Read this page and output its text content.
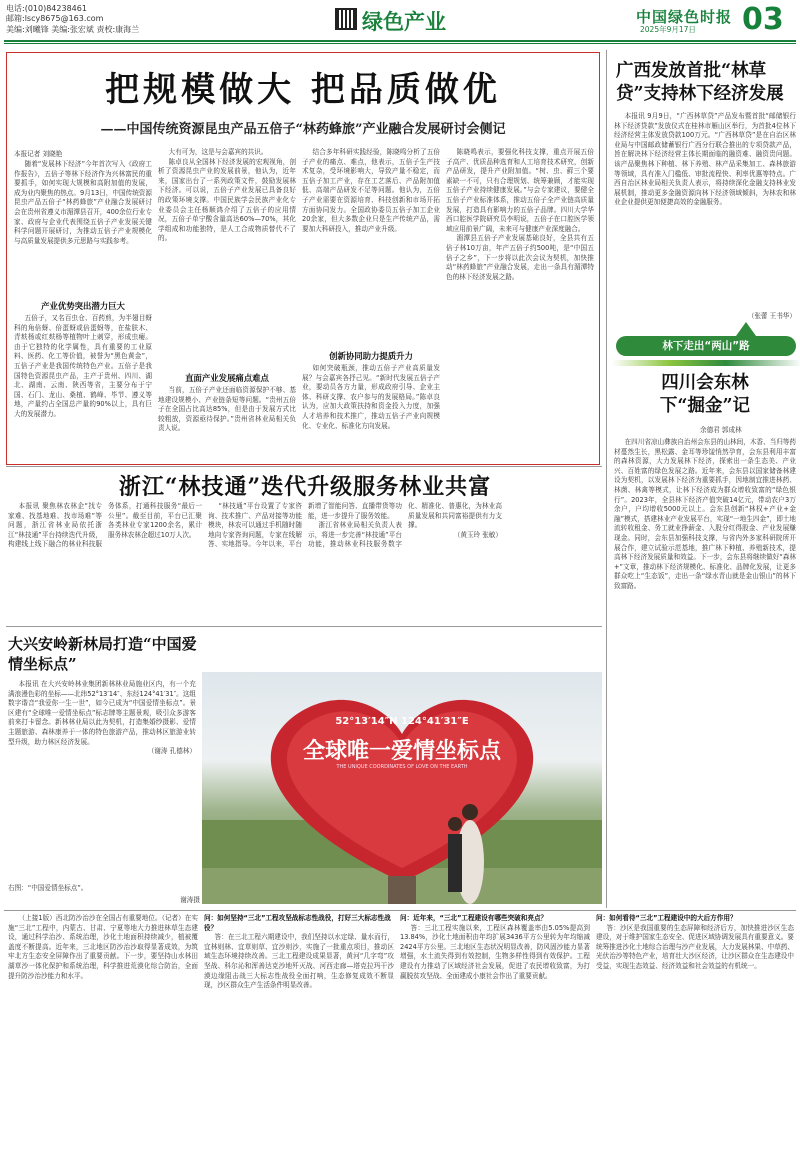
电话:(010)84238461
邮箱:lscy8675@163.com
美编:刘曦锋 美编:张宏斌 责校:康海兰	绿色产业	中国绿色时报
2025年9月17日 03
把规模做大 把品质做优
——中国传统资源昆虫产品五倍子“林药蜂旅”产业融合发展研讨会侧记
本报记者 刘晓艳

随着“发展林下经济”今年首次写入《政府工作报告》，五倍子等林下经济作为兴林富民的重要抓手，如何实现大规模和高附加值的发展，成为业内聚焦的热点。9月13日，中国传统资源昆虫产品五倍子“林药蜂旅”产业融合发展研讨会在贵州省遵义市湄潭县召开，400余位行业专家、政府与企业代表围绕五倍子产业发展关键科学问题开展研讨，为推动五倍子产业规模化与高质量发展提供多元思路与实践参考。

产业优势突出潜力巨大

五倍子，又名百虫仓、百药煎，为半翅目蚜科的角倍蚜、倍蛋蚜或倍蛋蚜等，在盐肤木、青麸杨或红麸杨等植物叶上刺穿，形成虫瘿。由于它独特的化学属性，具有重要的工业原料、医药、化工等价值，被誉为“黑色黄金”，五倍子产业是我国传统特色产业。五倍子是我国特色资源昆虫产品，主产于贵州、四川、湖北、湖南、云南、陕西等省，主要分布于宁国、石门、龙山、桑植、鹤峰、毕节、遵义等地，产量约占全国总产量的90%以上，具有巨大的发展潜力。

大有可为，这是与会嘉宾的共识。

陈卓良从全国林下经济发展的宏观视角，剖析了资源昆虫产业的发展前景，他认为，近年来，国家出台了一系列政策文件，鼓励发展林下经济。可以说，五倍子产业发展已具备良好的政策环境支撑。中国民族学会民族产业化专业委员会主任杨顺鸿介绍了五倍子的应用情况，五倍子单宁酸含量高达60%—70%，其化学组成和功能独特，是人工合成物质替代不了的。

直面产业发展痛点难点

当前，五倍子产业还面临资源保护不够、基地建设规模小、产业链条短等问题。“贵州五倍子在全国占比高达85%，但是由于发展方式比较粗放，资源亟待保护。”贵州省林业局相关负责人说。

结合多年科研实践经验，陈晓鸣分析了五倍子产业的痛点、难点，他表示，五倍子生产技术复杂，受环境影响大，导致产量不稳定，而五倍子加工产业，存在工艺落后、产品附加值低、高端产品研发不足等问题。他认为，五倍子产业需要在资源培育、科技创新和市场开拓方面协同发力。全国政协委员五倍子加工企业20余家，但大多数企业只是生产传统产品，需要加大科研投入，推动产业升级。

创新协同助力提质升力

如何突破瓶颈，推动五倍子产业高质量发展？与会嘉宾各抒己见。“新时代发展五倍子产业，要动员各方力量，形成政府引导、企业主体、科研支撑、农户参与的发展格局。”陈卓良认为，应加大政策扶持和资金投入力度，加强人才培养和技术推广，推动五倍子产业向规模化、专业化、标准化方向发展。

陈晓鸣表示，要强化科技支撑，重点开展五倍子高产、优质品种选育和人工培育技术研究，创新产品研发，提升产业附加值。“树、虫、藓三个要素缺一不可，只有合理规划、统筹兼顾，才能实现五倍子产业持续健康发展。”与会专家建议，要健全五倍子产业标准体系，推动五倍子全产业链高质量发展，打造具有影响力的五倍子品牌。四川大学华西口腔医学院研究员李明说，五倍子在口腔医学领域应用前景广阔，未来可与健康产业深度融合。

湄潭县五倍子产业发展基础良好，全县共有五倍子林10万亩，年产五倍子约500吨，是“中国五倍子之乡”，下一步将以此次会议为契机，加快推动“林药蜂旅”产业融合发展，走出一条具有湄潭特色的林下经济发展之路。

广西发放首批“林草贷”支持林下经济发展

本报讯 9月9日，“广西林草贷”产品发布暨首批“邮储银行林下经济贷款”发放仪式在桂林市雁山区举行，为首批4位林下经济经营主体发放贷款100万元。“广西林草贷”是在自治区林业局与中国邮政储蓄银行广西分行联合推出的专项贷款产品，旨在解决林下经济经营主体长期面临的融资难、融资贵问题。该产品聚焦林下种植、林下养殖、林产品采集加工、森林旅游等领域，具有准入门槛低、审批流程快、利率优惠等特点。广西自治区林业局相关负责人表示，将持续深化金融支持林业发展机制，推动更多金融资源向林下经济领域倾斜，为林农和林业企业提供更加便捷高效的金融服务。

（张蕾 王书华）
林下走出“两山”路
四川会东林下“掘金”记
余德君 郭成林

在四川省凉山彝族自治州会东县的山林间，木香、当归等药材蔓然生长，黑松露、金耳等珍馐悄然孕育，会东县利用丰富的森林资源，大力发展林下经济，探索出一条生态美、产业兴、百姓富的绿色发展之路。近年来，会东县以国家储备林建设为契机，以发展林下经济为重要抓手，因地制宜推进林药、林菌、林禽等模式，让林下经济成为群众增收致富的“绿色银行”。2023年，全县林下经济产值突破14亿元，带动农户3万余户，户均增收5000元以上。会东县创新“林权+产业+金融”模式，搭建林业产业发展平台，实现“一地生四金”，即土地流转收租金、务工就业挣薪金、入股分红得股金、产业发展赚现金。同时，会东县加强科技支撑，与省内外多家科研院所开展合作，建立试验示范基地，推广林下种植、养殖新技术，提高林下经济发展质量和效益。下一步，会东县将继续做好“森林+”文章，推动林下经济规模化、标准化、品牌化发展，让更多群众吃上“生态饭”，走出一条“绿水青山就是金山银山”的林下致富路。

浙江“林技通”迭代升级服务林业共富

本报讯 聚焦林农林企“找专家难、找基地难、找市场难”等问题，浙江省林业局依托浙江“林技通”平台持续迭代升级，构建线上线下融合的林业科技服务体系，打通科技服务“最后一公里”。截至目前，平台已汇聚各类林业专家1200余名，累计服务林农林企超过10万人次。

“林技通”平台设置了专家咨询、技术推广、产品对接等功能模块，林农可以通过手机随时随地向专家咨询问题，专家在线解答、实地指导。今年以来，平台新增了智能问答、直播带货等功能，进一步提升了服务效能。

浙江省林业局相关负责人表示，将进一步完善“林技通”平台功能，推动林业科技服务数字化、精准化、普惠化，为林业高质量发展和共同富裕提供有力支撑。

（黄玉玲 张敏）
大兴安岭新林局打造“中国爱情坐标点”

本报讯 在大兴安岭林业集团新林林业局施业区内，有一个充满浪漫色彩的坐标——北纬52°13′14″、东经124°41′31″。这组数字谐音“我爱你一生一世”，如今已成为“中国爱情坐标点”。景区建有“全球唯一爱情坐标点”标志牌等主题景观，吸引众多游客前来打卡留念。新林林业局以此为契机，打造集婚纱摄影、爱情主题旅游、森林康养于一体的特色旅游产品，推动林区旅游业转型升级，助力林区经济发展。

（谢涛 孔德林）
右图：“中国爱情坐标点”。
谢涛摄
52°13′14″N 124°41′31″E
全球唯一爱情坐标点
THE UNIQUE COORDINATES OF LOVE ON THE EARTH

（上接1版）西北防沙治沙在全国占有重要地位。（记者）在实施“三北”工程中，内蒙古、甘肃、宁夏等地大力推进林草生态建设，通过科学治沙、系统治理，沙化土地面积持续减少，植被覆盖度不断提高。近年来，三北地区防沙治沙取得显著成效，为筑牢北方生态安全屏障作出了重要贡献。下一步，要坚持山水林田湖草沙一体化保护和系统治理，科学推进荒漠化综合防治，全面提升防沙治沙能力和水平。

问：如何坚持“三北”工程攻坚战标志性战役，打好三大标志性战役？

答：在三北工程六期建设中，我们坚持以水定绿、量水而行，宜林则林、宜草则草、宜沙则沙，实施了一批重点项目，推动区域生态环境持续改善。三北工程建设成果显著，黄河“几字弯”攻坚战、科尔沁和浑善达克沙地歼灭战、河西走廊—塔克拉玛干沙漠边缘阻击战三大标志性战役全面打响，生态修复成效不断显现，沙区群众生产生活条件明显改善。

问：近年来，“三北”工程建设有哪些突破和亮点？

答：三北工程实施以来，工程区森林覆盖率由5.05%提高到13.84%，沙化土地面积由年均扩展3436平方公里转为年均缩减2424平方公里。三北地区生态状况明显改善，防风固沙能力显著增强，水土流失得到有效控制，生物多样性得到有效保护。工程建设有力推动了区域经济社会发展，促进了农民增收致富，为打赢脱贫攻坚战、全面建成小康社会作出了重要贡献。

问：如何看待“三北”工程建设中的大后方作用？

答：沙区是我国重要的生态屏障和经济后方，加快推进沙区生态建设，对于维护国家生态安全、促进区域协调发展具有重要意义。要统筹推进沙化土地综合治理与沙产业发展，大力发展林果、中草药、光伏治沙等特色产业，培育壮大沙区经济，让沙区群众在生态建设中受益，实现生态效益、经济效益和社会效益的有机统一。
